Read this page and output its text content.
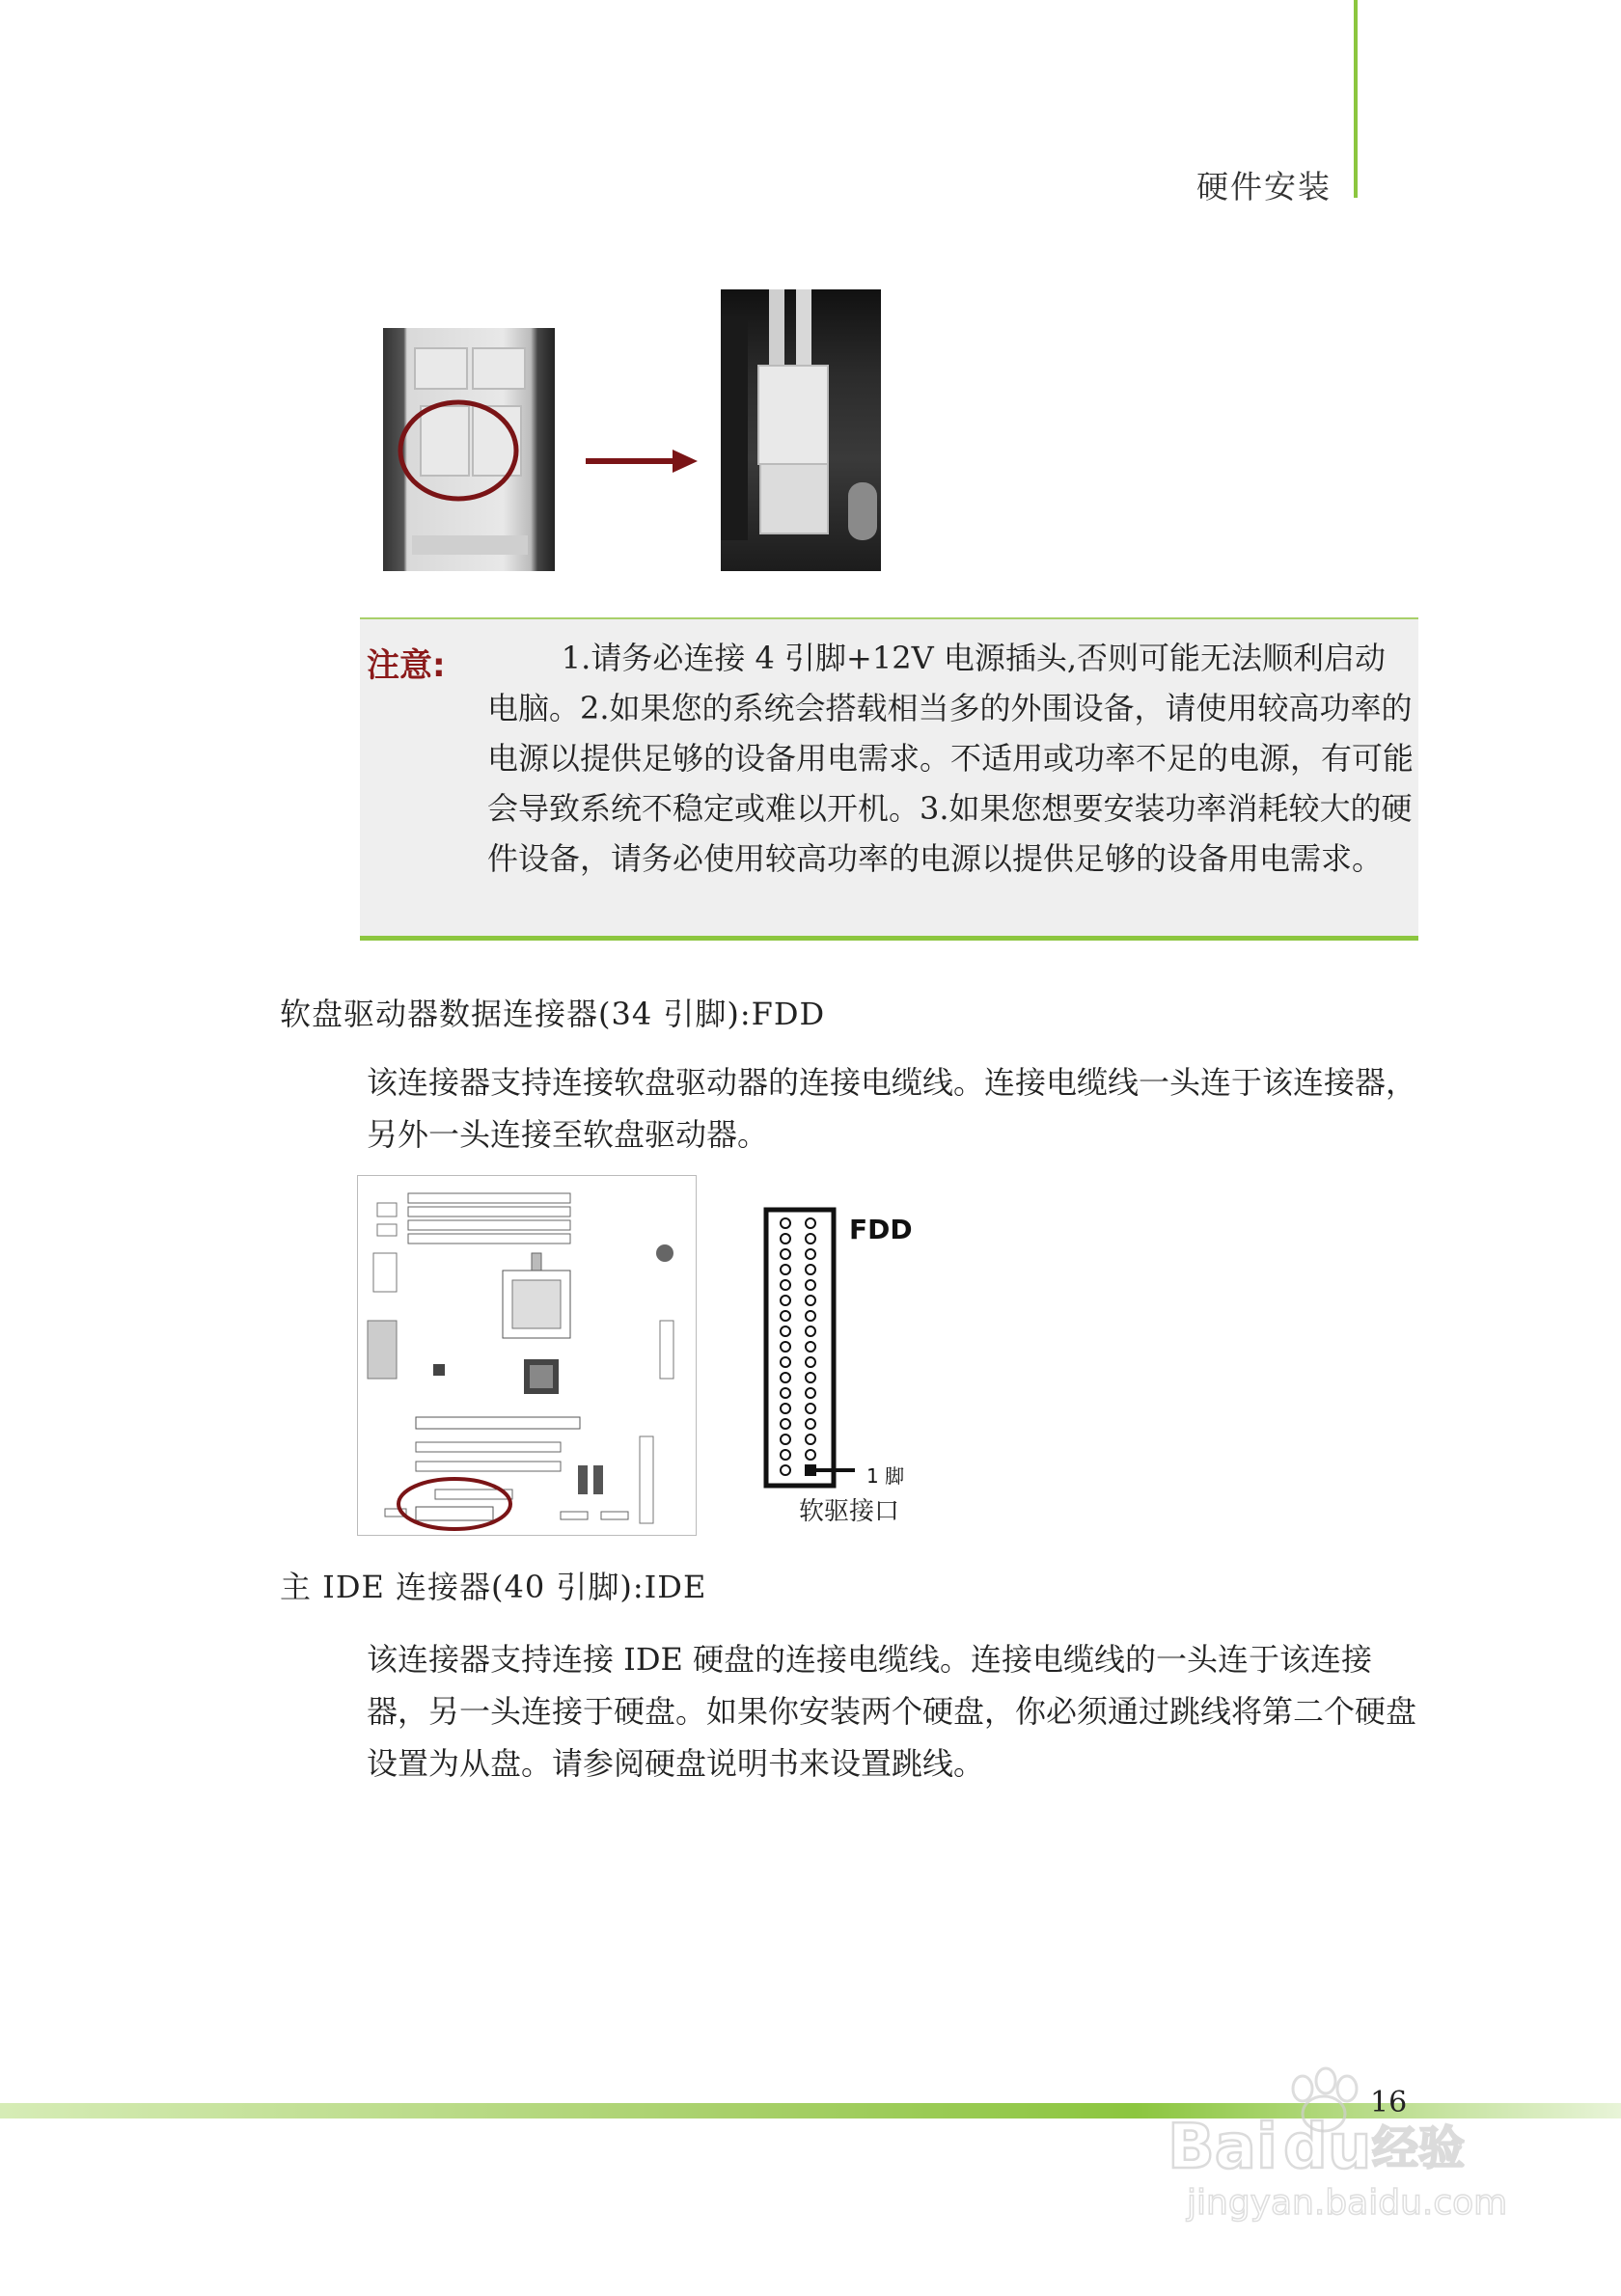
硬件安装
注意:	1.请务必连接 4 引脚+12V 电源插头,否则可能无法顺利启动电脑。2.如果您的系统会搭载相当多的外围设备，请使用较高功率的电源以提供足够的设备用电需求。不适用或功率不足的电源，有可能会导致系统不稳定或难以开机。3.如果您想要安装功率消耗较大的硬件设备，请务必使用较高功率的电源以提供足够的设备用电需求。

软盘驱动器数据连接器(34 引脚):FDD
该连接器支持连接软盘驱动器的连接电缆线。连接电缆线一头连于该连接器，另外一头连接至软盘驱动器。
FDD
1 脚
软驱接口
主 IDE 连接器(40 引脚):IDE
该连接器支持连接 IDE 硬盘的连接电缆线。连接电缆线的一头连于该连接器，另一头连接于硬盘。如果你安装两个硬盘，你必须通过跳线将第二个硬盘设置为从盘。请参阅硬盘说明书来设置跳线。
16
Bai du 经验
jingyan.baidu.com
